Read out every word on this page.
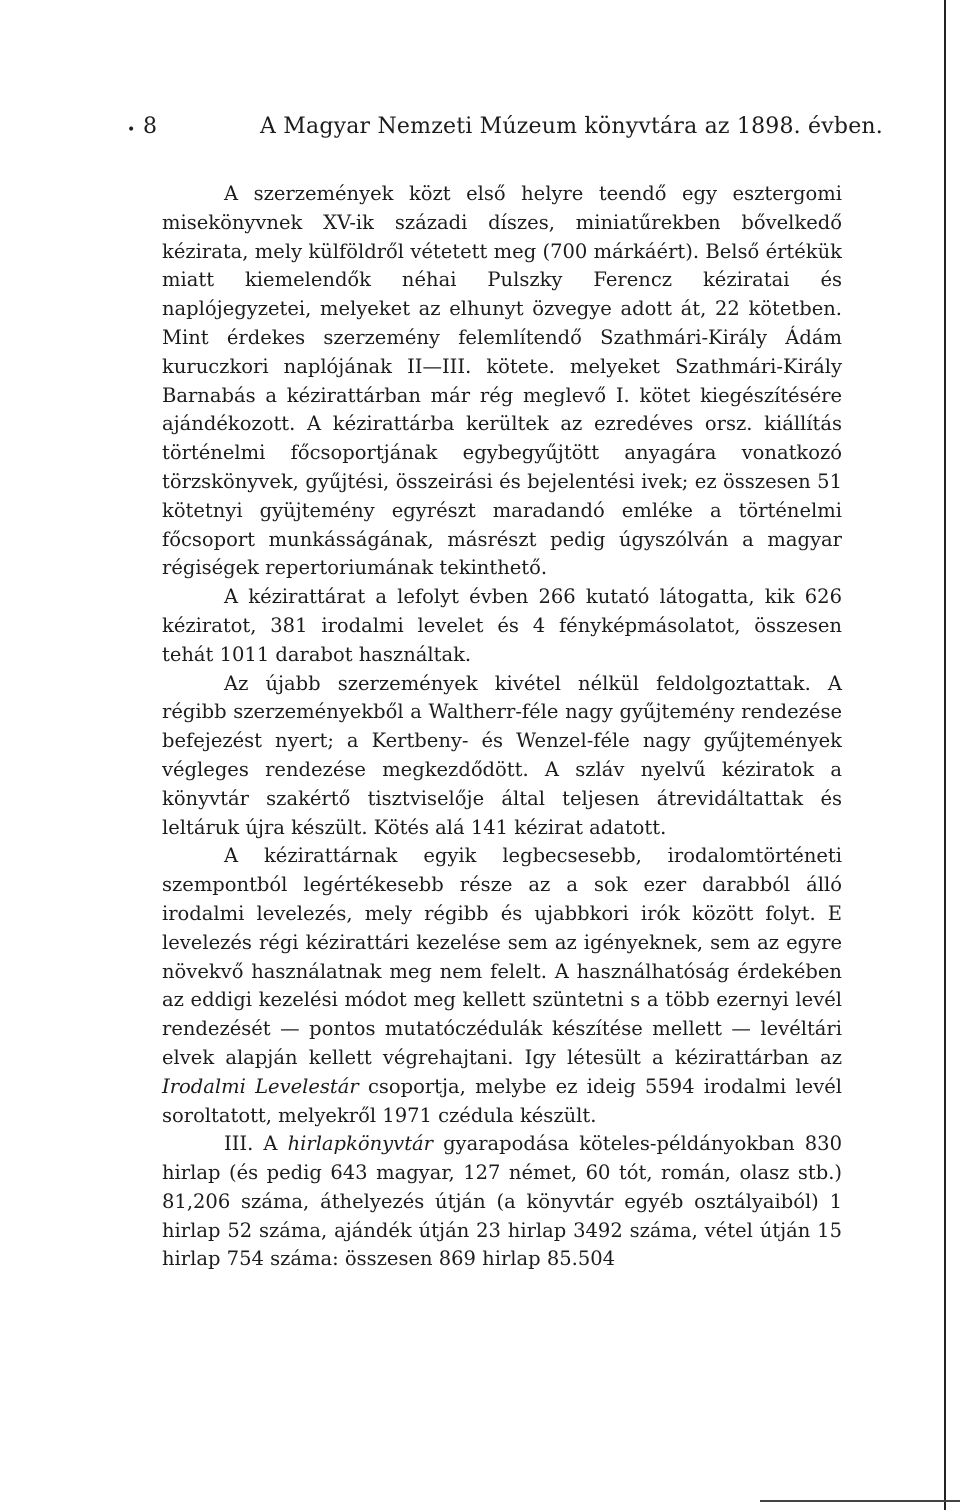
• 8	A Magyar Nemzeti Múzeum könyvtára az 1898. évben.

A szerzemények közt első helyre teendő egy esztergomi misekönyvnek XV-ik századi díszes, miniatűrekben bővelkedő kézirata, mely külföldről vétetett meg (700 márkáért). Belső értékük miatt kiemelendők néhai Pulszky Ferencz kéziratai és naplójegyzetei, melyeket az elhunyt özvegye adott át, 22 kötetben. Mint érdekes szerzemény felemlítendő Szathmári-Király Ádám kuruczkori naplójának II—III. kötete. melyeket Szathmári-Király Barnabás a kézirattárban már rég meglevő I. kötet kiegészítésére ajándékozott. A kézirattárba kerültek az ezredéves orsz. kiállítás történelmi főcsoportjának egybegyűjtött anyagára vonatkozó törzskönyvek, gyűjtési, összeirási és bejelentési ivek; ez összesen 51 kötetnyi gyüjtemény egyrészt maradandó emléke a történelmi főcsoport munkásságának, másrészt pedig úgyszólván a magyar régiségek repertoriumának tekinthető.

A kézirattárat a lefolyt évben 266 kutató látogatta, kik 626 kéziratot, 381 irodalmi levelet és 4 fényképmásolatot, összesen tehát 1011 darabot használtak.

Az újabb szerzemények kivétel nélkül feldolgoztattak. A régibb szerzeményekből a Waltherr-féle nagy gyűjtemény rendezése befejezést nyert; a Kertbeny- és Wenzel-féle nagy gyűjtemények végleges rendezése megkezdődött. A szláv nyelvű kéziratok a könyvtár szakértő tisztviselője által teljesen átrevidáltattak és leltáruk újra készült. Kötés alá 141 kézirat adatott.

A kézirattárnak egyik legbecsesebb, irodalomtörténeti szempontból legértékesebb része az a sok ezer darabból álló irodalmi levelezés, mely régibb és ujabbkori irók között folyt. E levelezés régi kézirattári kezelése sem az igényeknek, sem az egyre növekvő használatnak meg nem felelt. A használhatóság érdekében az eddigi kezelési módot meg kellett szüntetni s a több ezernyi levél rendezését — pontos mutatóczédulák készítése mellett — levéltári elvek alapján kellett végrehajtani. Igy létesült a kézirattárban az Irodalmi Levelestár csoportja, melybe ez ideig 5594 irodalmi levél soroltatott, melyekről 1971 czédula készült.

III. A hirlapkönyvtár gyarapodása köteles-példányokban 830 hirlap (és pedig 643 magyar, 127 német, 60 tót, román, olasz stb.) 81,206 száma, áthelyezés útján (a könyvtár egyéb osztályaiból) 1 hirlap 52 száma, ajándék útján 23 hirlap 3492 száma, vétel útján 15 hirlap 754 száma: összesen 869 hirlap 85.504
